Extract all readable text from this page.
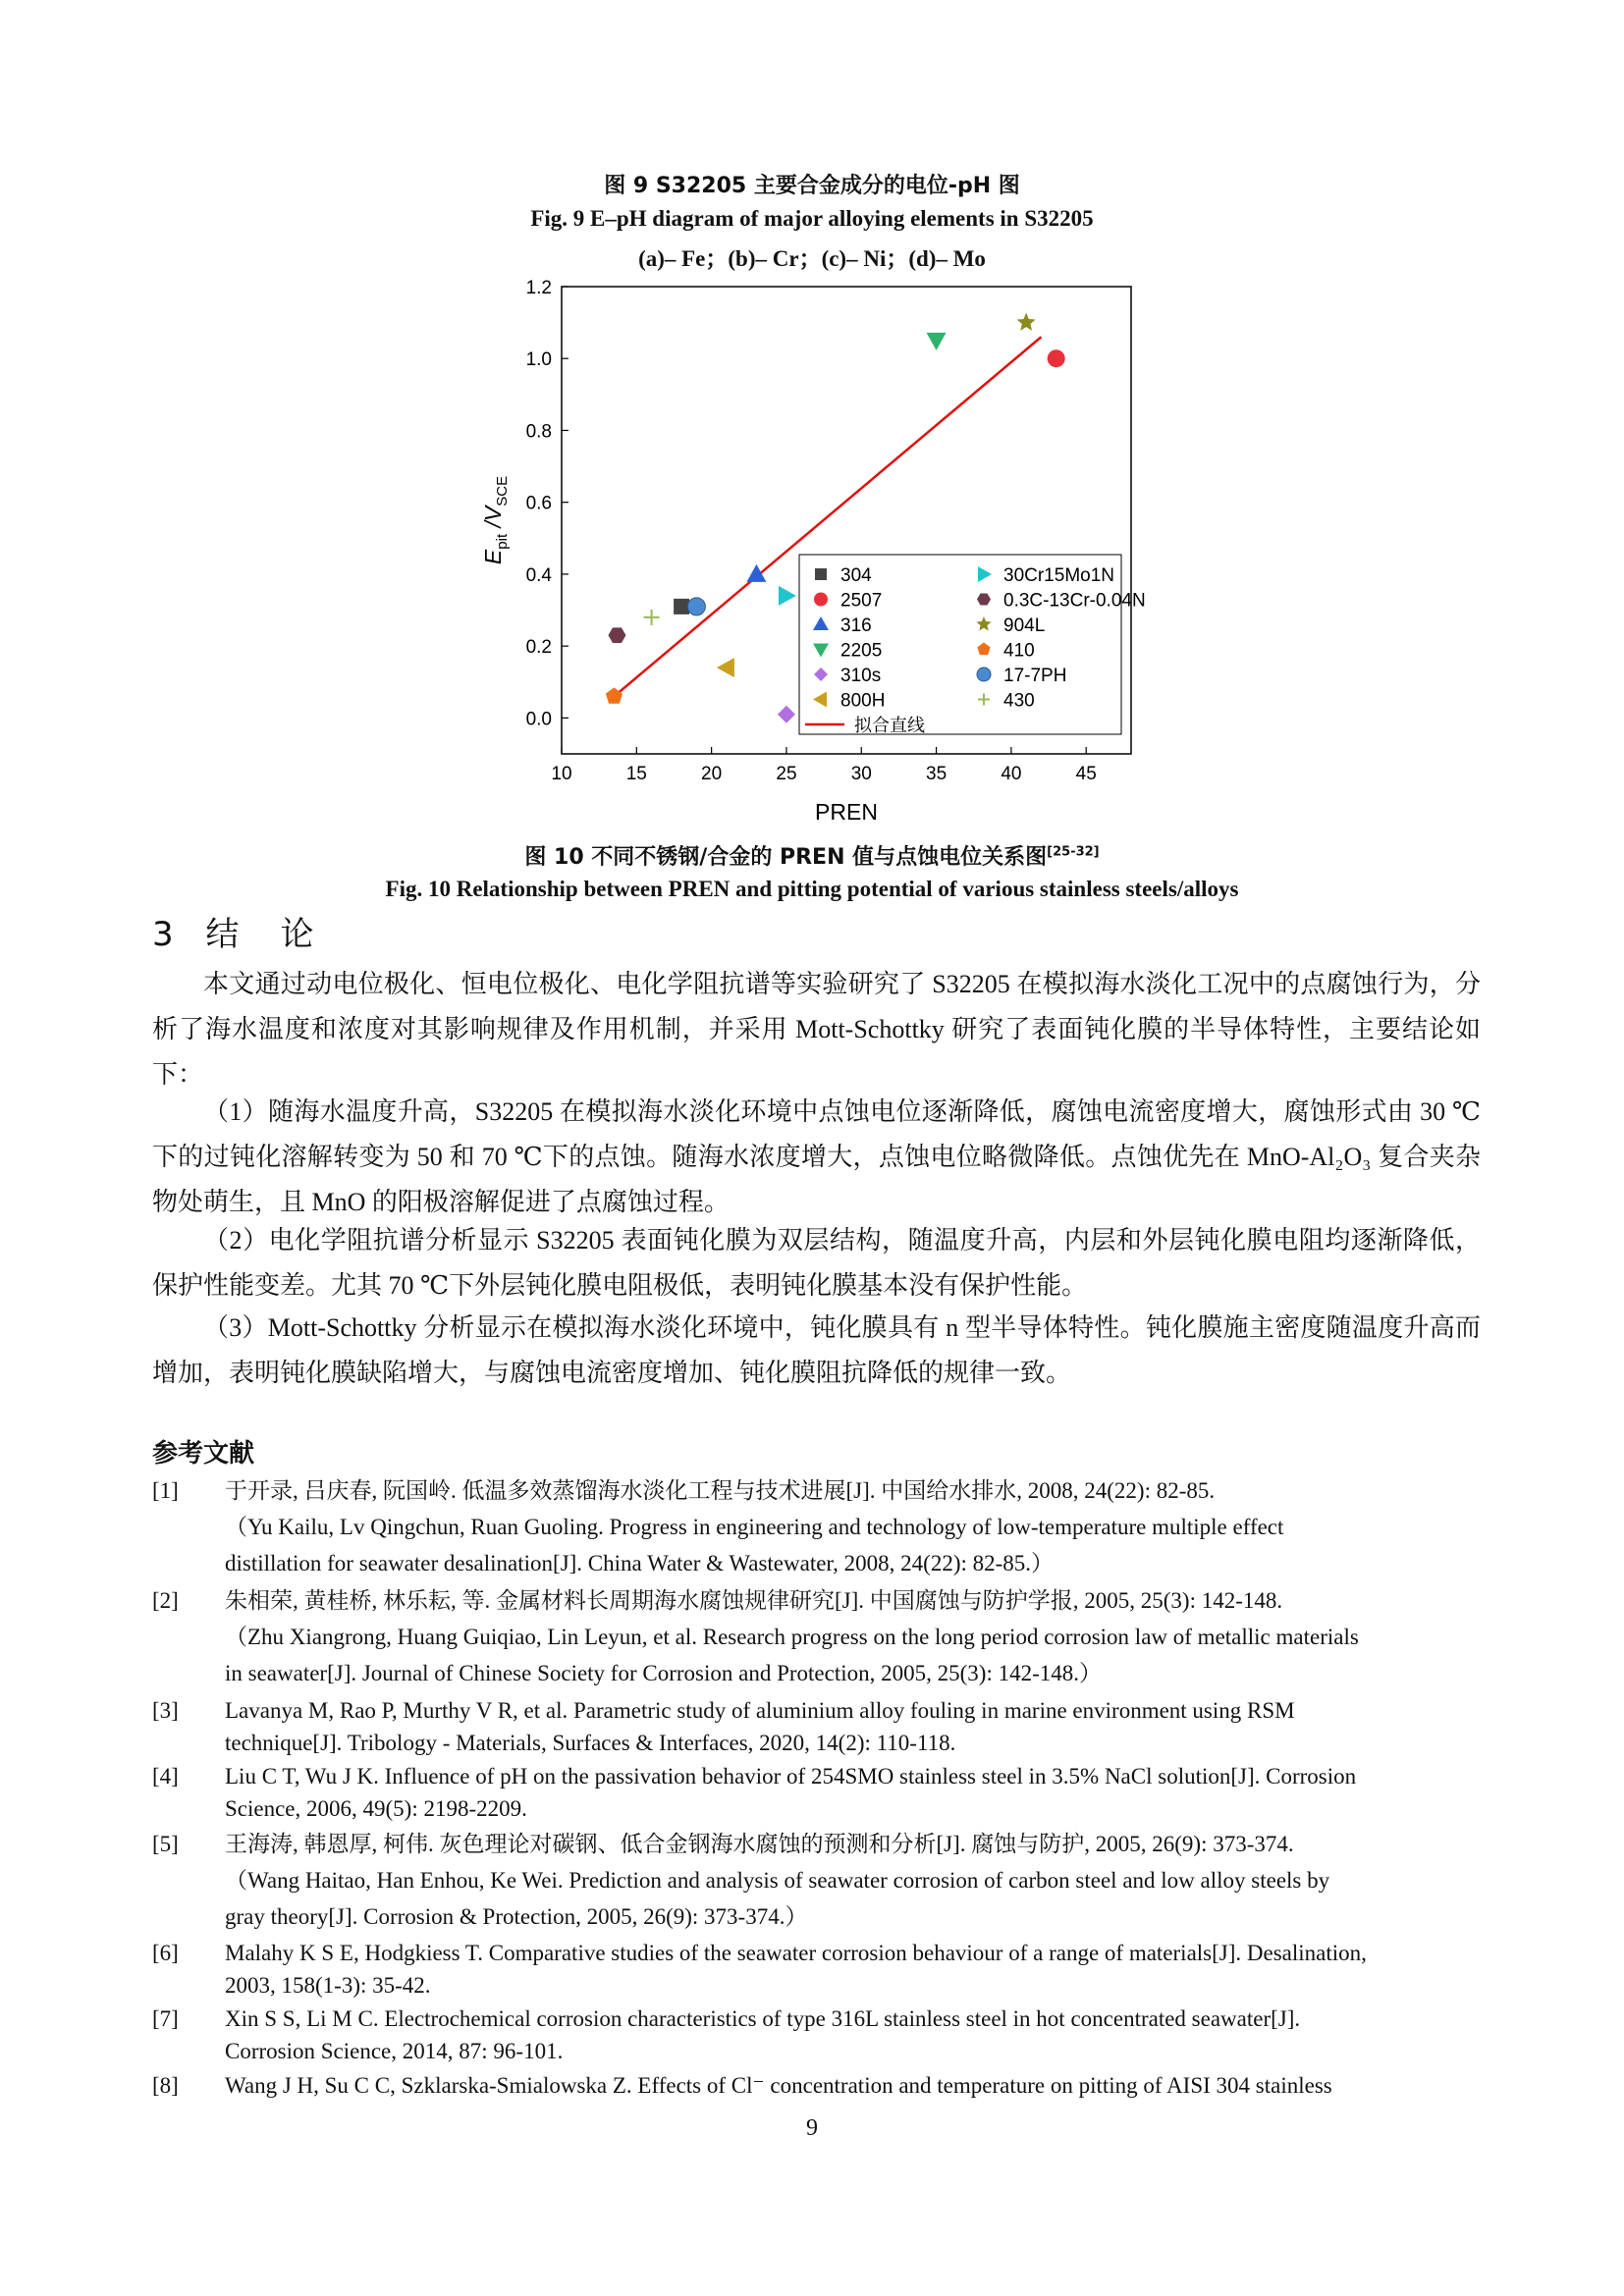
图 9 S32205 主要合金成分的电位-pH 图
Fig. 9 E–pH diagram of major alloying elements in S32205
(a)– Fe；(b)– Cr；(c)– Ni；(d)– Mo
10	15	20	25	30	35	40	45
0.0
0.2
0.4
0.6
0.8
1.0
1.2
PREN
$E_{pit}$ $/V_{SCE}$
304
2507
316
2205
310s
800H
30Cr15Mo1N
0.3C-13Cr-0.04N
904L
410
17-7PH
430
拟合直线
图 10 不同不锈钢/合金的 PREN 值与点蚀电位关系图[25-32]
Fig. 10 Relationship between PREN and pitting potential of various stainless steels/alloys
3 结　论
本文通过动电位极化、恒电位极化、电化学阻抗谱等实验研究了 S32205 在模拟海水淡化工况中的点腐蚀行为，分析了海水温度和浓度对其影响规律及作用机制，并采用 Mott-Schottky 研究了表面钝化膜的半导体特性，主要结论如下：
（1）随海水温度升高，S32205 在模拟海水淡化环境中点蚀电位逐渐降低，腐蚀电流密度增大，腐蚀形式由 30 ℃下的过钝化溶解转变为 50 和 70 ℃下的点蚀。随海水浓度增大，点蚀电位略微降低。点蚀优先在 MnO-Al₂O₃ 复合夹杂物处萌生，且 MnO 的阳极溶解促进了点腐蚀过程。
（2）电化学阻抗谱分析显示 S32205 表面钝化膜为双层结构，随温度升高，内层和外层钝化膜电阻均逐渐降低，保护性能变差。尤其 70 ℃下外层钝化膜电阻极低，表明钝化膜基本没有保护性能。
（3）Mott-Schottky 分析显示在模拟海水淡化环境中，钝化膜具有 n 型半导体特性。钝化膜施主密度随温度升高而增加，表明钝化膜缺陷增大，与腐蚀电流密度增加、钝化膜阻抗降低的规律一致。
参考文献
[1] 于开录, 吕庆春, 阮国岭. 低温多效蒸馏海水淡化工程与技术进展[J]. 中国给水排水, 2008, 24(22): 82-85.
（Yu Kailu, Lv Qingchun, Ruan Guoling. Progress in engineering and technology of low-temperature multiple effect
distillation for seawater desalination[J]. China Water & Wastewater, 2008, 24(22): 82-85.）
[2] 朱相荣, 黄桂桥, 林乐耘, 等. 金属材料长周期海水腐蚀规律研究[J]. 中国腐蚀与防护学报, 2005, 25(3): 142-148.
（Zhu Xiangrong, Huang Guiqiao, Lin Leyun, et al. Research progress on the long period corrosion law of metallic materials
in seawater[J]. Journal of Chinese Society for Corrosion and Protection, 2005, 25(3): 142-148.）
[3] Lavanya M, Rao P, Murthy V R, et al. Parametric study of aluminium alloy fouling in marine environment using RSM
technique[J]. Tribology - Materials, Surfaces & Interfaces, 2020, 14(2): 110-118.
[4] Liu C T, Wu J K. Influence of pH on the passivation behavior of 254SMO stainless steel in 3.5% NaCl solution[J]. Corrosion
Science, 2006, 49(5): 2198-2209.
[5] 王海涛, 韩恩厚, 柯伟. 灰色理论对碳钢、低合金钢海水腐蚀的预测和分析[J]. 腐蚀与防护, 2005, 26(9): 373-374.
（Wang Haitao, Han Enhou, Ke Wei. Prediction and analysis of seawater corrosion of carbon steel and low alloy steels by
gray theory[J]. Corrosion & Protection, 2005, 26(9): 373-374.）
[6] Malahy K S E, Hodgkiess T. Comparative studies of the seawater corrosion behaviour of a range of materials[J]. Desalination,
2003, 158(1-3): 35-42.
[7] Xin S S, Li M C. Electrochemical corrosion characteristics of type 316L stainless steel in hot concentrated seawater[J].
Corrosion Science, 2014, 87: 96-101.
[8] Wang J H, Su C C, Szklarska-Smialowska Z. Effects of Cl⁻ concentration and temperature on pitting of AISI 304 stainless
9
